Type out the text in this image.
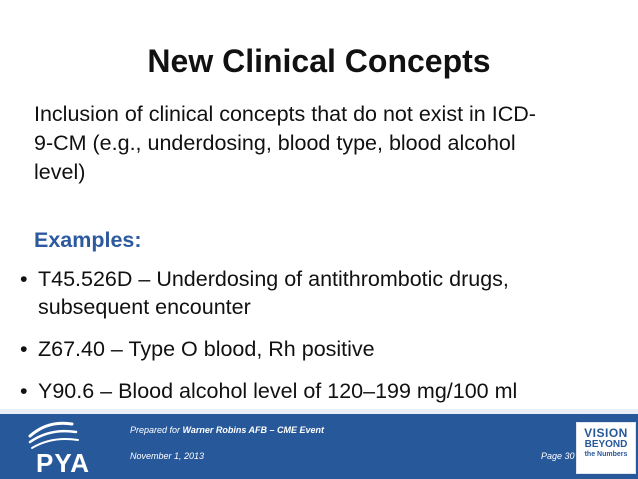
New Clinical Concepts
Inclusion of clinical concepts that do not exist in ICD-
9-CM (e.g., underdosing, blood type, blood alcohol
level)
Examples:
• T45.526D – Underdosing of antithrombotic drugs,
subsequent encounter
• Z67.40 – Type O blood, Rh positive
• Y90.6 – Blood alcohol level of 120–199 mg/100 ml
PYA
Prepared for Warner Robins AFB – CME Event
November 1, 2013	Page 30
VISION
BEYOND
the Numbers
